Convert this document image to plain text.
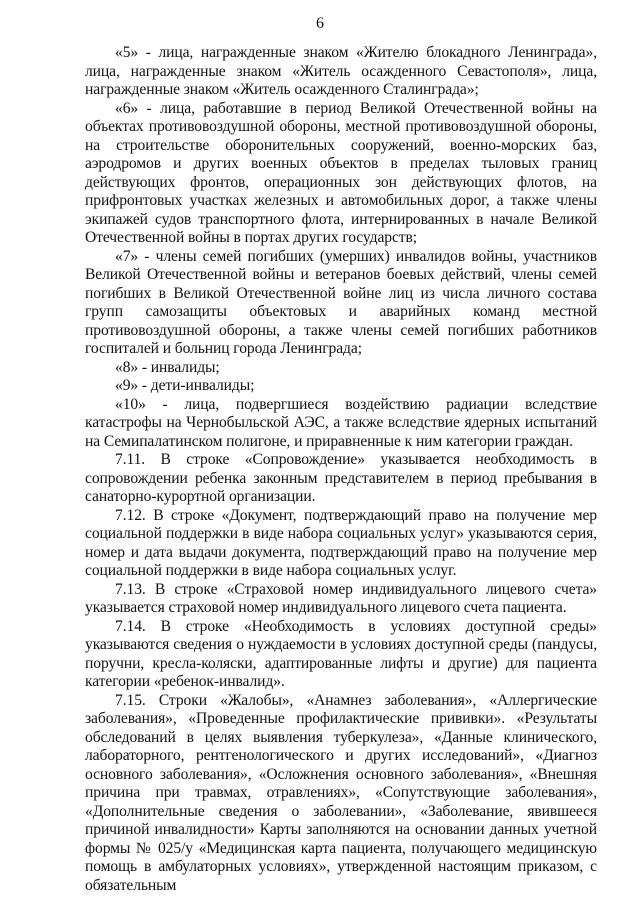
6

«5» - лица, награжденные знаком «Жителю блокадного Ленинграда», лица, награжденные знаком «Житель осажденного Севастополя», лица, награжденные знаком «Житель осажденного Сталинграда»;

«6» - лица, работавшие в период Великой Отечественной войны на объектах противовоздушной обороны, местной противовоздушной обороны, на строительстве оборонительных сооружений, военно-морских баз, аэродромов и других военных объектов в пределах тыловых границ действующих фронтов, операционных зон действующих флотов, на прифронтовых участках железных и автомобильных дорог, а также члены экипажей судов транспортного флота, интернированных в начале Великой Отечественной войны в портах других государств;

«7» - члены семей погибших (умерших) инвалидов войны, участников Великой Отечественной войны и ветеранов боевых действий, члены семей погибших в Великой Отечественной войне лиц из числа личного состава групп самозащиты объектовых и аварийных команд местной противовоздушной обороны, а также члены семей погибших работников госпиталей и больниц города Ленинграда;

«8» - инвалиды;

«9» - дети-инвалиды;

«10» - лица, подвергшиеся воздействию радиации вследствие катастрофы на Чернобыльской АЭС, а также вследствие ядерных испытаний на Семипалатинском полигоне, и приравненные к ним категории граждан.

7.11. В строке «Сопровождение» указывается необходимость в сопровождении ребенка законным представителем в период пребывания в санаторно-курортной организации.

7.12. В строке «Документ, подтверждающий право на получение мер социальной поддержки в виде набора социальных услуг» указываются серия, номер и дата выдачи документа, подтверждающий право на получение мер социальной поддержки в виде набора социальных услуг.

7.13. В строке «Страховой номер индивидуального лицевого счета» указывается страховой номер индивидуального лицевого счета пациента.

7.14. В строке «Необходимость в условиях доступной среды» указываются сведения о нуждаемости в условиях доступной среды (пандусы, поручни, кресла-коляски, адаптированные лифты и другие) для пациента категории «ребенок-инвалид».

7.15. Строки «Жалобы», «Анамнез заболевания», «Аллергические заболевания», «Проведенные профилактические прививки». «Результаты обследований в целях выявления туберкулеза», «Данные клинического, лабораторного, рентгенологического и других исследований», «Диагноз основного заболевания», «Осложнения основного заболевания», «Внешняя причина при травмах, отравлениях», «Сопутствующие заболевания», «Дополнительные сведения о заболевании», «Заболевание, явившееся причиной инвалидности» Карты заполняются на основании данных учетной формы № 025/у «Медицинская карта пациента, получающего медицинскую помощь в амбулаторных условиях», утвержденной настоящим приказом, с обязательным
